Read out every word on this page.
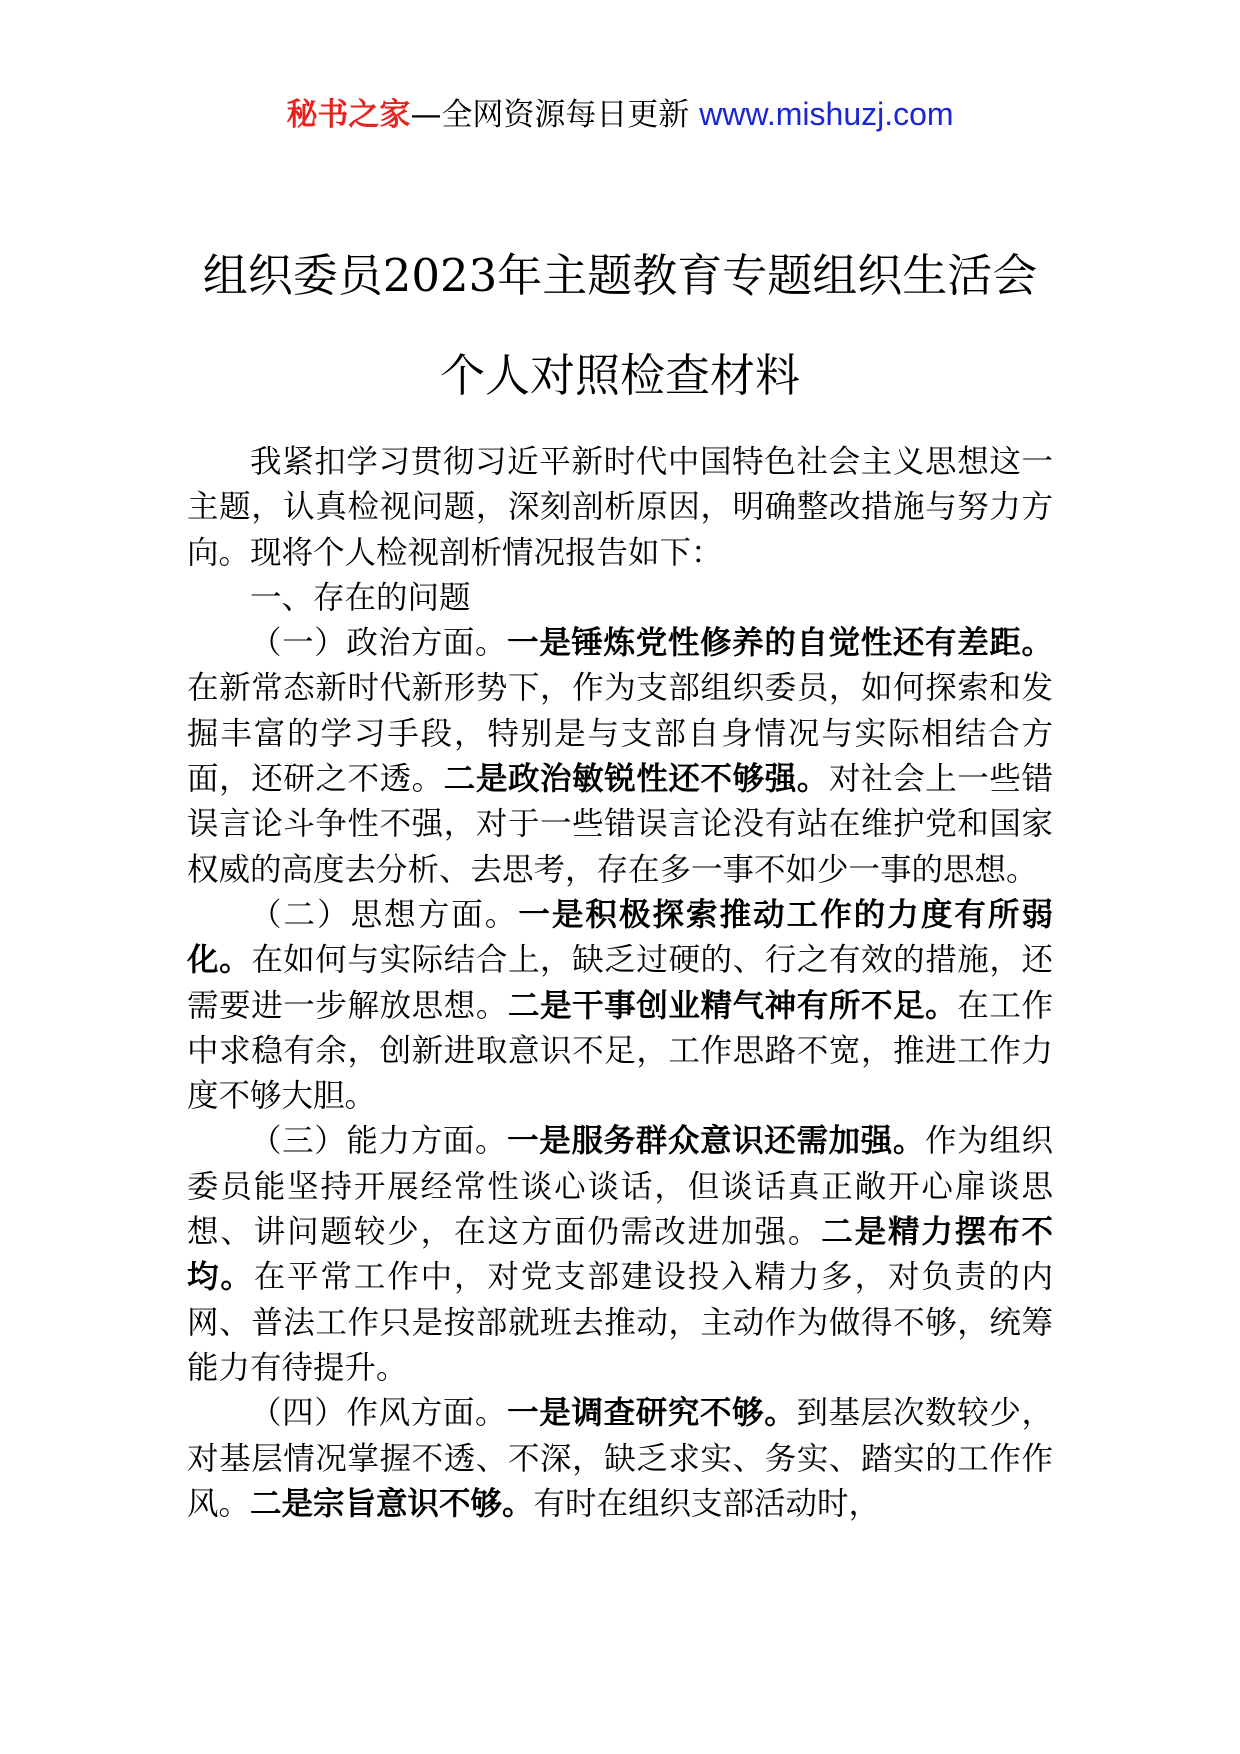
秘书之家—全网资源每日更新 www.mishuzj.com
组织委员2023年主题教育专题组织生活会
个人对照检查材料

我紧扣学习贯彻习近平新时代中国特色社会主义思想这一主题，认真检视问题，深刻剖析原因，明确整改措施与努力方向。现将个人检视剖析情况报告如下：

一、存在的问题

（一）政治方面。一是锤炼党性修养的自觉性还有差距。在新常态新时代新形势下，作为支部组织委员，如何探索和发掘丰富的学习手段，特别是与支部自身情况与实际相结合方面，还研之不透。二是政治敏锐性还不够强。对社会上一些错误言论斗争性不强，对于一些错误言论没有站在维护党和国家权威的高度去分析、去思考，存在多一事不如少一事的思想。

（二）思想方面。一是积极探索推动工作的力度有所弱化。在如何与实际结合上，缺乏过硬的、行之有效的措施，还需要进一步解放思想。二是干事创业精气神有所不足。在工作中求稳有余，创新进取意识不足，工作思路不宽，推进工作力度不够大胆。

（三）能力方面。一是服务群众意识还需加强。作为组织委员能坚持开展经常性谈心谈话，但谈话真正敞开心扉谈思想、讲问题较少，在这方面仍需改进加强。二是精力摆布不均。在平常工作中，对党支部建设投入精力多，对负责的内网、普法工作只是按部就班去推动，主动作为做得不够，统筹能力有待提升。

（四）作风方面。一是调查研究不够。到基层次数较少，对基层情况掌握不透、不深，缺乏求实、务实、踏实的工作作风。二是宗旨意识不够。有时在组织支部活动时，
